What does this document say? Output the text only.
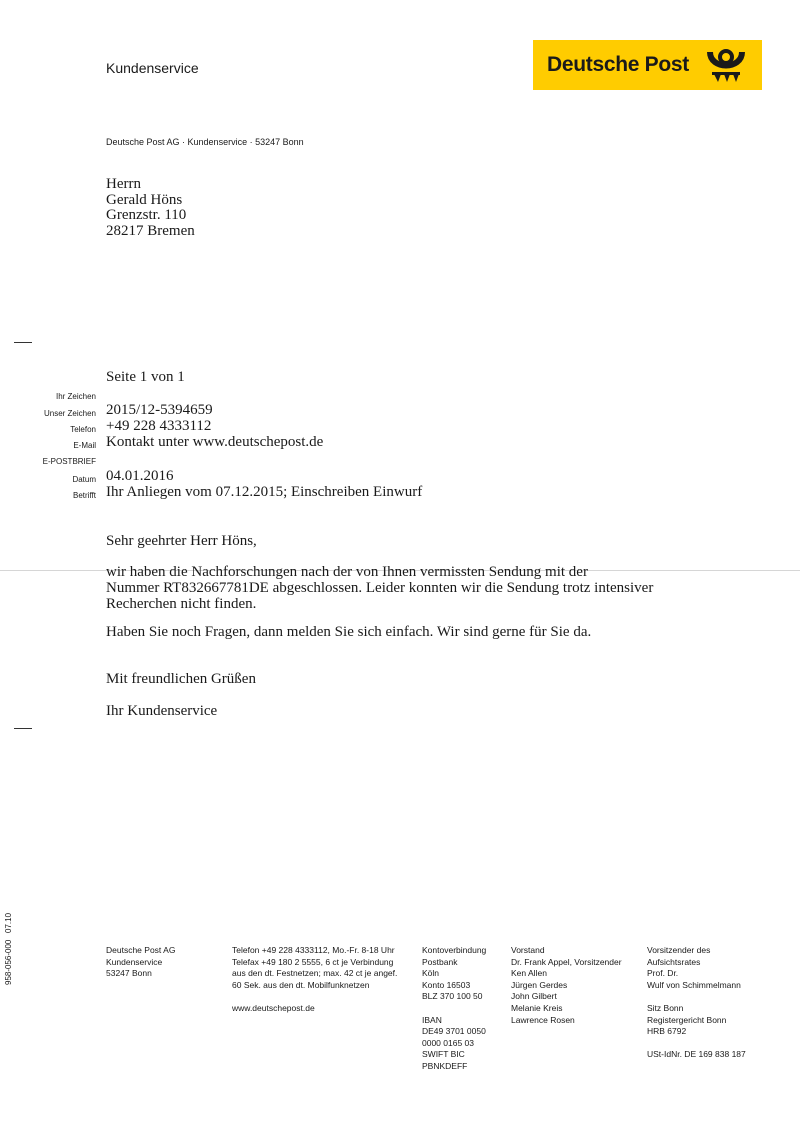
Kundenservice	Deutsche Post
Deutsche Post AG · Kundenservice · 53247 Bonn
Herrn
Gerald Höns
Grenzstr. 110
28217 Bremen
Seite 1 von 1
Ihr Zeichen
Unser Zeichen 2015/12-5394659
Telefon +49 228 4333112
E-Mail Kontakt unter www.deutschepost.de
E-POSTBRIEF
Datum 04.01.2016
Betrifft Ihr Anliegen vom 07.12.2015; Einschreiben Einwurf
Sehr geehrter Herr Höns,
wir haben die Nachforschungen nach der von Ihnen vermissten Sendung mit der
Nummer RT832667781DE abgeschlossen. Leider konnten wir die Sendung trotz intensiver
Recherchen nicht finden.
Haben Sie noch Fragen, dann melden Sie sich einfach. Wir sind gerne für Sie da.
Mit freundlichen Grüßen
Ihr Kundenservice
958-056-000   07.10	Deutsche Post AG
Kundenservice
53247 Bonn
Telefon +49 228 4333112, Mo.-Fr. 8-18 Uhr
Telefax +49 180 2 5555, 6 ct je Verbindung
aus den dt. Festnetzen; max. 42 ct je angef.
60 Sek. aus den dt. Mobilfunknetzen
www.deutschepost.de
Kontoverbindung
Postbank
Köln
Konto 16503
BLZ 370 100 50
IBAN
DE49 3701 0050
0000 0165 03
SWIFT BIC
PBNKDEFF
Vorstand
Dr. Frank Appel, Vorsitzender
Ken Allen
Jürgen Gerdes
John Gilbert
Melanie Kreis
Lawrence Rosen
Vorsitzender des
Aufsichtsrates
Prof. Dr.
Wulf von Schimmelmann
Sitz Bonn
Registergericht Bonn
HRB 6792
USt-IdNr. DE 169 838 187
